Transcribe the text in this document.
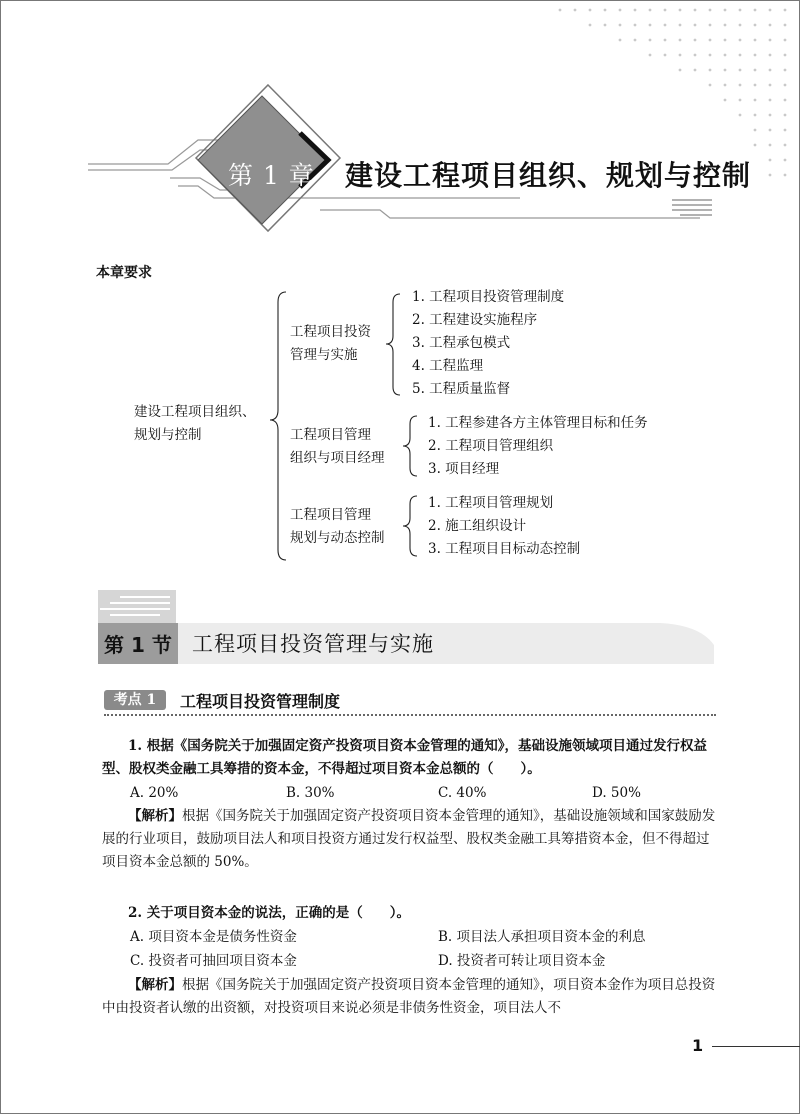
第 1 章 建设工程项目组织、规划与控制
本章要求
建设工程项目组织、
规划与控制
工程项目投资
管理与实施
1. 工程项目投资管理制度
2. 工程建设实施程序
3. 工程承包模式
4. 工程监理
5. 工程质量监督
工程项目管理
组织与项目经理
1. 工程参建各方主体管理目标和任务
2. 工程项目管理组织
3. 项目经理
工程项目管理
规划与动态控制
1. 工程项目管理规划
2. 施工组织设计
3. 工程项目目标动态控制
第 1 节 工程项目投资管理与实施
考点 1	工程项目投资管理制度
1. 根据《国务院关于加强固定资产投资项目资本金管理的通知》，基础设施领域项目通过发行权益型、股权类金融工具筹措的资本金，不得超过项目资本金总额的（　　）。
A. 20%	B. 30%	C. 40%	D. 50%
【解析】根据《国务院关于加强固定资产投资项目资本金管理的通知》，基础设施领域和国家鼓励发展的行业项目，鼓励项目法人和项目投资方通过发行权益型、股权类金融工具筹措资本金，但不得超过项目资本金总额的 50%。
2. 关于项目资本金的说法，正确的是（　　）。
A. 项目资本金是债务性资金	B. 项目法人承担项目资本金的利息
C. 投资者可抽回项目资本金	D. 投资者可转让项目资本金
【解析】根据《国务院关于加强固定资产投资项目资本金管理的通知》，项目资本金作为项目总投资中由投资者认缴的出资额，对投资项目来说必须是非债务性资金，项目法人不
1
